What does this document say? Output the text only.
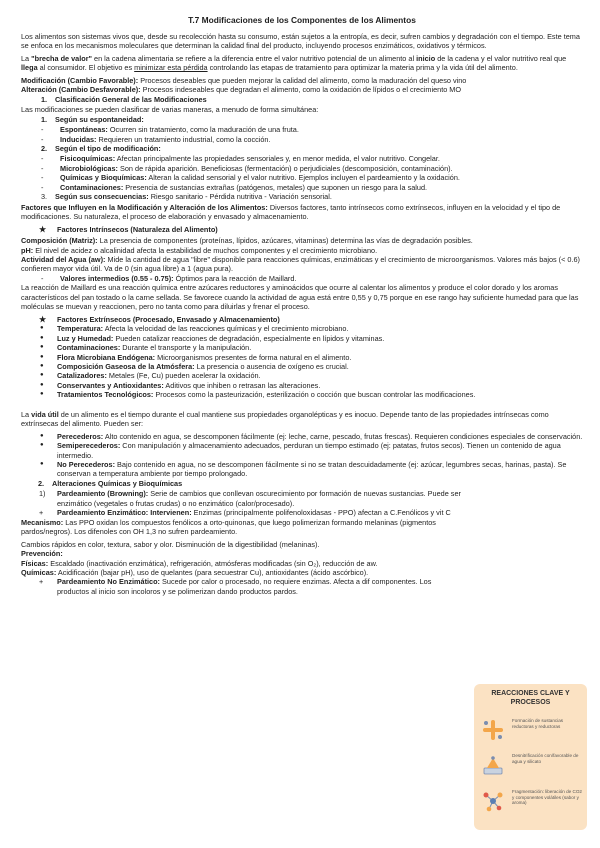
T.7 Modificaciones de los Componentes de los Alimentos

Los alimentos son sistemas vivos que, desde su recolección hasta su consumo, están sujetos a la entropía, es decir, sufren cambios y degradación con el tiempo. Este tema se enfoca en los mecanismos moleculares que determinan la calidad final del producto, incluyendo procesos enzimáticos, oxidativos y térmicos.

La "brecha de valor" en la cadena alimentaria se refiere a la diferencia entre el valor nutritivo potencial de un alimento al inicio de la cadena y el valor nutritivo real que llega al consumidor. El objetivo es minimizar esta pérdida controlando las etapas de tratamiento para optimizar la materia prima y la vida útil del alimento.

Modificación (Cambio Favorable): Procesos deseables que pueden mejorar la calidad del alimento, como la maduración del queso vino
Alteración (Cambio Desfavorable): Procesos indeseables que degradan el alimento, como la oxidación de lípidos o el crecimiento MO
1. Clasificación General de las Modificaciones
Las modificaciones se pueden clasificar de varias maneras, a menudo de forma simultánea:
1. Según su espontaneidad:
- Espontáneas: Ocurren sin tratamiento, como la maduración de una fruta.
- Inducidas: Requieren un tratamiento industrial, como la cocción.
2. Según el tipo de modificación:
- Fisicoquímicas: Afectan principalmente las propiedades sensoriales y, en menor medida, el valor nutritivo. Congelar.
- Microbiológicas: Son de rápida aparición. Beneficiosas (fermentación) o perjudiciales (descomposición, contaminación).
- Químicas y Bioquímicas: Alteran la calidad sensorial y el valor nutritivo. Ejemplos incluyen el pardeamiento y la oxidación.
- Contaminaciones: Presencia de sustancias extrañas (patógenos, metales) que suponen un riesgo para la salud.
3. Según sus consecuencias: Riesgo sanitario - Pérdida nutritiva - Variación sensorial.

Factores que Influyen en la Modificación y Alteración de los Alimentos: Diversos factores, tanto intrínsecos como extrínsecos, influyen en la velocidad y el tipo de modificaciones. Su naturaleza, el proceso de elaboración y envasado y almacenamiento.

★ Factores Intrínsecos (Naturaleza del Alimento)
Composición (Matriz): La presencia de componentes (proteínas, lípidos, azúcares, vitaminas) determina las vías de degradación posibles.
pH: El nivel de acidez o alcalinidad afecta la estabilidad de muchos componentes y el crecimiento microbiano.
Actividad del Agua (aw): Mide la cantidad de agua "libre" disponible para reacciones químicas, enzimáticas y el crecimiento de microorganismos. Valores más bajos (< 0.6) confieren mayor vida útil. Va de 0 (sin agua libre) a 1 (agua pura).
- Valores intermedios (0.55 - 0.75): Óptimos para la reacción de Maillard.

La reacción de Maillard es una reacción química entre azúcares reductores y aminoácidos que ocurre al calentar los alimentos y produce el color dorado y los aromas característicos del pan tostado o la carne sellada. Se favorece cuando la actividad de agua está entre 0,55 y 0,75 porque en ese rango hay suficiente humedad para que las moléculas se muevan y reaccionen, pero no tanta como para diluirlas y frenar el proceso.

★ Factores Extrínsecos (Procesado, Envasado y Almacenamiento)
● Temperatura: Afecta la velocidad de las reacciones químicas y el crecimiento microbiano.
● Luz y Humedad: Pueden catalizar reacciones de degradación, especialmente en lípidos y vitaminas.
● Contaminaciones: Durante el transporte y la manipulación.
● Flora Microbiana Endógena: Microorganismos presentes de forma natural en el alimento.
● Composición Gaseosa de la Atmósfera: La presencia o ausencia de oxígeno es crucial.
● Catalizadores: Metales (Fe, Cu) pueden acelerar la oxidación.
● Conservantes y Antioxidantes: Aditivos que inhiben o retrasan las alteraciones.
● Tratamientos Tecnológicos: Procesos como la pasteurización, esterilización o cocción que buscan controlar las modificaciones.

La vida útil de un alimento es el tiempo durante el cual mantiene sus propiedades organolépticas y es inocuo. Depende tanto de las propiedades intrínsecas como extrínsecas del alimento. Pueden ser:

● Perecederos: Alto contenido en agua, se descomponen fácilmente (ej: leche, carne, pescado, frutas frescas). Requieren condiciones especiales de conservación.
● Semiperecederos: Con manipulación y almacenamiento adecuados, perduran un tiempo estimado (ej: patatas, frutos secos). Tienen un contenido de agua intermedio.
● No Perecederos: Bajo contenido en agua, no se descomponen fácilmente si no se tratan descuidadamente (ej: azúcar, legumbres secas, harinas, pasta). Se conservan a temperatura ambiente por tiempo prolongado.
2. Alteraciones Químicas y Bioquímicas
1) Pardeamiento (Browning): Serie de cambios que conllevan oscurecimiento por formación de nuevas sustancias. Puede ser enzimático (vegetales o frutas crudas) o no enzimático (calor/procesado).
+ Pardeamiento Enzimático: Intervienen: Enzimas (principalmente polifenoloxidasas - PPO) afectan a C.Fenólicos y vit C

Mecanismo: Las PPO oxidan los compuestos fenólicos a orto-quinonas, que luego polimerizan formando melaninas (pigmentos pardos/negros). Los difenoles con OH 1,3 no sufren pardeamiento.

Cambios rápidos en color, textura, sabor y olor. Disminución de la digestibilidad (melaninas).
Prevención:
Físicas: Escaldado (inactivación enzimática), refrigeración, atmósferas modificadas (sin O₂), reducción de aw.
Químicas: Acidificación (bajar pH), uso de quelantes (para secuestrar Cu), antioxidantes (ácido ascórbico).
+ Pardeamiento No Enzimático: Sucede por calor o procesado, no requiere enzimas. Afecta a dif componentes. Los productos al inicio son incoloros y se polimerizan dando productos pardos.
REACCIONES CLAVE Y PROCESOS
Formación de sustancias reductoras y reductoras
Desnitrificación con/favorable de agua y silicato
Fragmentación: liberación de CO2 y componentes volátiles (sabor y aroma)
